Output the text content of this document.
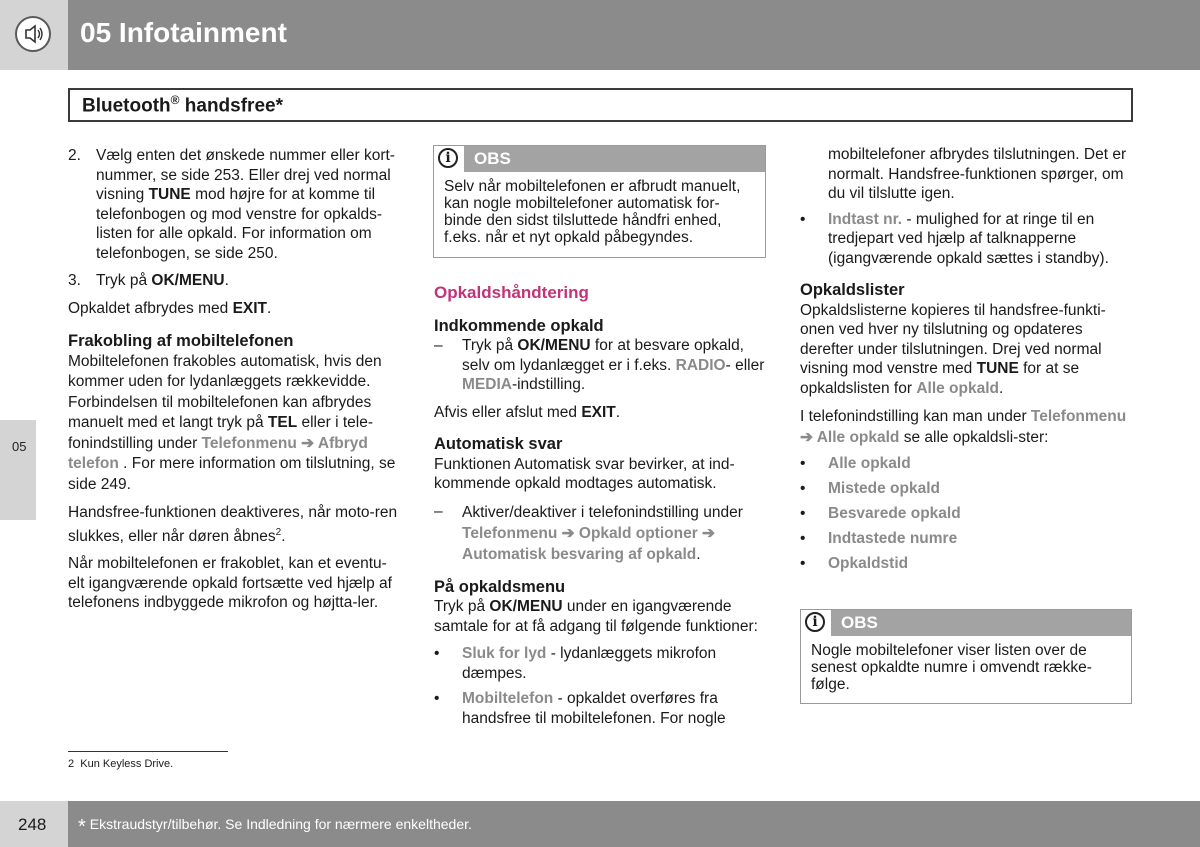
05 Infotainment
Bluetooth® handsfree*
05
2. Vælg enten det ønskede nummer eller kort-nummer, se side 253. Eller drej ved normal visning TUNE mod højre for at komme til telefonbogen og mod venstre for opkalds-listen for alle opkald. For information om telefonbogen, se side 250.

3. Tryk på OK/MENU.

Opkaldet afbrydes med EXIT.

Frakobling af mobiltelefonen

Mobiltelefonen frakobles automatisk, hvis den kommer uden for lydanlæggets rækkevidde. Forbindelsen til mobiltelefonen kan afbrydes manuelt med et langt tryk på TEL eller i tele-fonindstilling under Telefonmenu ➔ Afbryd telefon . For mere information om tilslutning, se side 249.

Handsfree-funktionen deaktiveres, når moto-ren slukkes, eller når døren åbnes$^2$.

Når mobiltelefonen er frakoblet, kan et eventu-elt igangværende opkald fortsætte ved hjælp af telefonens indbyggede mikrofon og højtta-ler.

i	OBS
Selv når mobiltelefonen er afbrudt manuelt, kan nogle mobiltelefoner automatisk for-binde den sidst tilsluttede håndfri enhed, f.eks. når et nyt opkald påbegyndes.

Opkaldshåndtering

Indkommende opkald

–	Tryk på OK/MENU for at besvare opkald, selv om lydanlægget er i f.eks. RADIO- eller MEDIA-indstilling.

Afvis eller afslut med EXIT.

Automatisk svar

Funktionen Automatisk svar bevirker, at ind-kommende opkald modtages automatisk.

–	Aktiver/deaktiver i telefonindstilling under Telefonmenu ➔ Opkald optioner ➔ Automatisk besvaring af opkald.

På opkaldsmenu

Tryk på OK/MENU under en igangværende samtale for at få adgang til følgende funktioner:

•	Sluk for lyd - lydanlæggets mikrofon dæmpes.

•	Mobiltelefon - opkaldet overføres fra handsfree til mobiltelefonen. For nogle

mobiltelefoner afbrydes tilslutningen. Det er normalt. Handsfree-funktionen spørger, om du vil tilslutte igen.

•	Indtast nr. - mulighed for at ringe til en tredjepart ved hjælp af talknapperne (igangværende opkald sættes i standby).

Opkaldslister

Opkaldslisterne kopieres til handsfree-funkti-onen ved hver ny tilslutning og opdateres derefter under tilslutningen. Drej ved normal visning mod venstre med TUNE for at se opkaldslisten for Alle opkald.

I telefonindstilling kan man under Telefonmenu ➔ Alle opkald se alle opkaldsli-ster:

•	Alle opkald
•	Mistede opkald
•	Besvarede opkald
•	Indtastede numre
•	Opkaldstid
i	OBS
Nogle mobiltelefoner viser listen over de senest opkaldte numre i omvendt række-følge.
2 Kun Keyless Drive.
248 * Ekstraudstyr/tilbehør. Se Indledning for nærmere enkeltheder.
